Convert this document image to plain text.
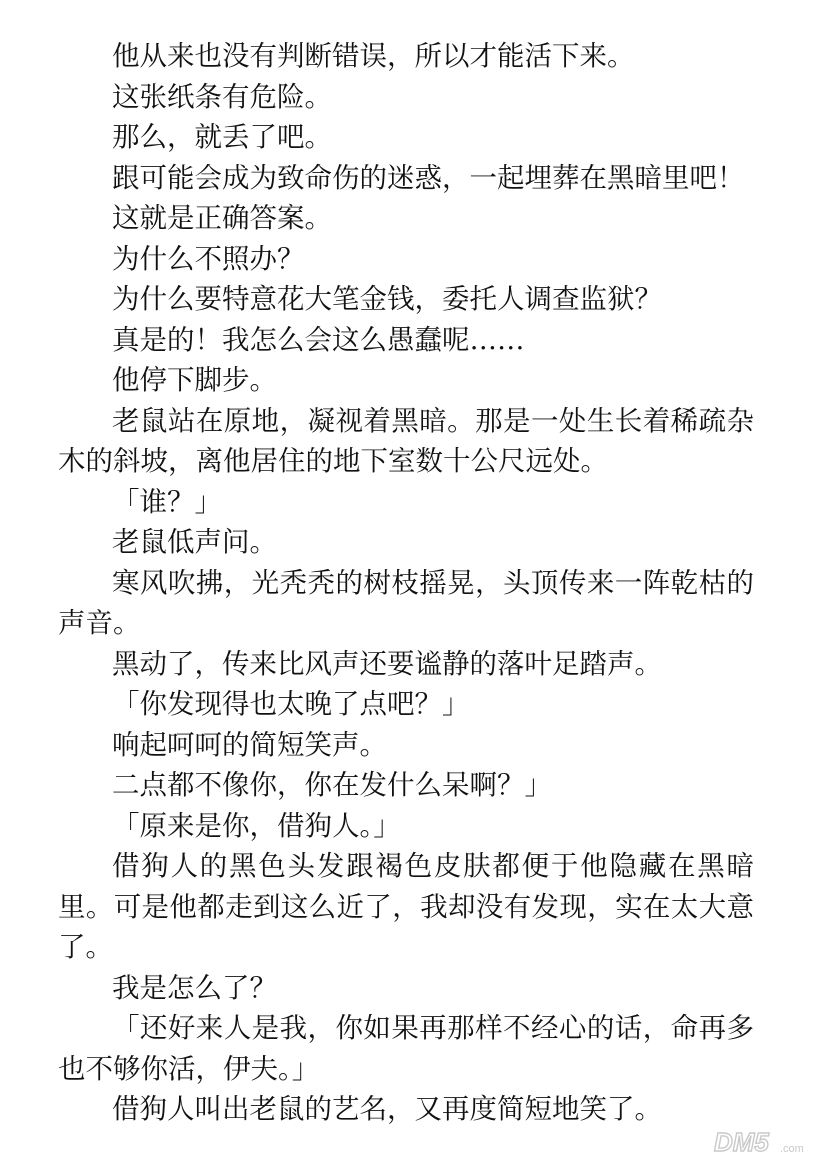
他从来也没有判断错误，所以才能活下来。

这张纸条有危险。

那么，就丢了吧。

跟可能会成为致命伤的迷惑，一起埋葬在黑暗里吧！

这就是正确答案。

为什么不照办？

为什么要特意花大笔金钱，委托人调查监狱？

真是的！我怎么会这么愚蠢呢……

他停下脚步。

老鼠站在原地，凝视着黑暗。那是一处生长着稀疏杂木的斜坡，离他居住的地下室数十公尺远处。

「谁？」

老鼠低声问。

寒风吹拂，光秃秃的树枝摇晃，头顶传来一阵乾枯的声音。

黑动了，传来比风声还要谧静的落叶足踏声。

「你发现得也太晚了点吧？」

响起呵呵的简短笑声。

二点都不像你，你在发什么呆啊？」

「原来是你，借狗人。」

借狗人的黑色头发跟褐色皮肤都便于他隐藏在黑暗里。可是他都走到这么近了，我却没有发现，实在太大意了。

我是怎么了？

「还好来人是我，你如果再那样不经心的话，命再多也不够你活，伊夫。」

借狗人叫出老鼠的艺名，又再度简短地笑了。

DM5 .com
